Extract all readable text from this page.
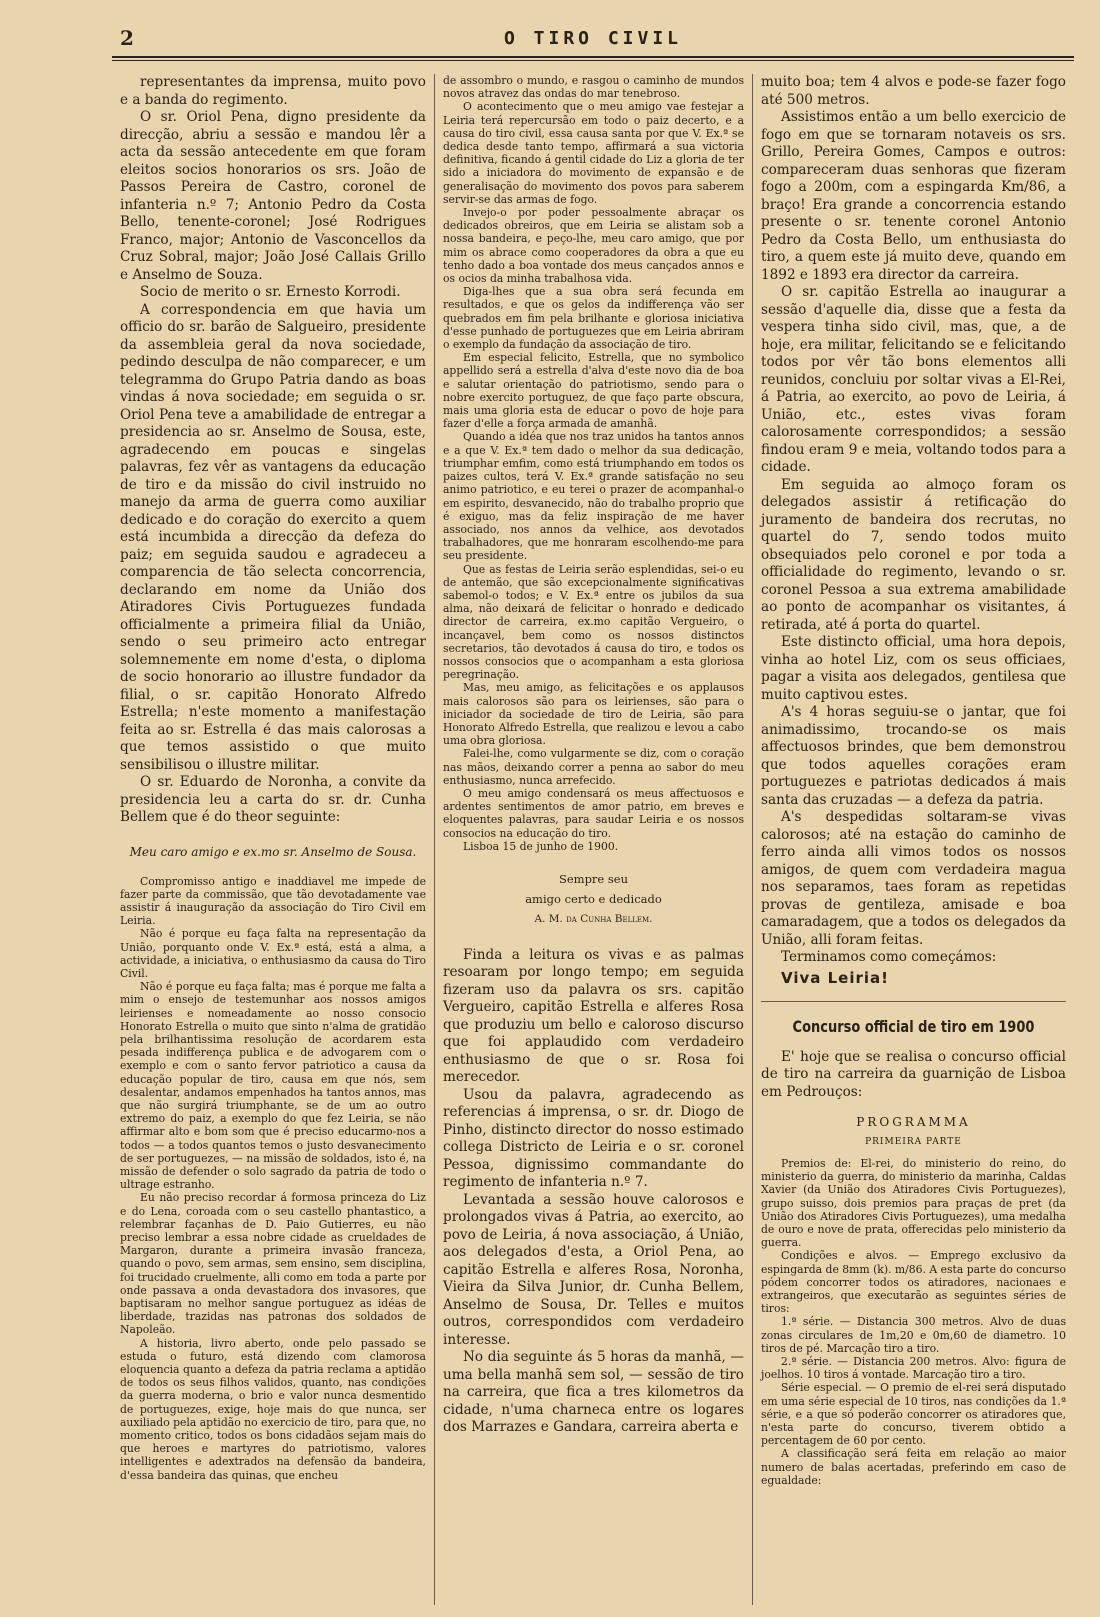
2	O TIRO CIVIL

representantes da imprensa, muito povo e a banda do regimento.

O sr. Oriol Pena, digno presidente da direcção, abriu a sessão e mandou lêr a acta da sessão antecedente em que foram eleitos socios honorarios os srs. João de Passos Pereira de Castro, coronel de infanteria n.º 7; Antonio Pedro da Costa Bello, tenente-coronel; José Rodrigues Franco, major; Antonio de Vasconcellos da Cruz Sobral, major; João José Callais Grillo e Anselmo de Souza.

Socio de merito o sr. Ernesto Korrodi.

A correspondencia em que havia um officio do sr. barão de Salgueiro, presidente da assembleia geral da nova sociedade, pedindo desculpa de não comparecer, e um telegramma do Grupo Patria dando as boas vindas á nova sociedade; em seguida o sr. Oriol Pena teve a amabilidade de entregar a presidencia ao sr. Anselmo de Sousa, este, agradecendo em poucas e singelas palavras, fez vêr as vantagens da educação de tiro e da missão do civil instruido no manejo da arma de guerra como auxiliar dedicado e do coração do exercito a quem está incumbida a direcção da defeza do paiz; em seguida saudou e agradeceu a comparencia de tão selecta concorrencia, declarando em nome da União dos Atiradores Civis Portuguezes fundada officialmente a primeira filial da União, sendo o seu primeiro acto entregar solemnemente em nome d'esta, o diploma de socio honorario ao illustre fundador da filial, o sr. capitão Honorato Alfredo Estrella; n'este momento a manifestação feita ao sr. Estrella é das mais calorosas a que temos assistido o que muito sensibilisou o illustre militar.

O sr. Eduardo de Noronha, a convite da presidencia leu a carta do sr. dr. Cunha Bellem que é do theor seguinte:

Meu caro amigo e ex.mo sr. Anselmo de Sousa.

Compromisso antigo e inaddiavel me impede de fazer parte da commissão, que tão devotadamente vae assistir á inauguração da associação do Tiro Civil em Leiria.

Não é porque eu faça falta na representação da União, porquanto onde V. Ex.ª está, está a alma, a actividade, a iniciativa, o enthusiasmo da causa do Tiro Civil.

Não é porque eu faça falta; mas é porque me falta a mim o ensejo de testemunhar aos nossos amigos leirienses e nomeadamente ao nosso consocio Honorato Estrella o muito que sinto n'alma de gratidão pela brilhantissima resolução de acordarem esta pesada indifferença publica e de advogarem com o exemplo e com o santo fervor patriotico a causa da educação popular de tiro, causa em que nós, sem desalentar, andamos empenhados ha tantos annos, mas que não surgirá triumphante, se de um ao outro extremo do paiz, a exemplo do que fez Leiria, se não affirmar alto e bom som que é preciso educarmo-nos a todos — a todos quantos temos o justo desvanecimento de ser portuguezes, — na missão de soldados, isto é, na missão de defender o solo sagrado da patria de todo o ultrage estranho.

Eu não preciso recordar á formosa princeza do Liz e do Lena, coroada com o seu castello phantastico, a relembrar façanhas de D. Paio Gutierres, eu não preciso lembrar a essa nobre cidade as crueldades de Margaron, durante a primeira invasão franceza, quando o povo, sem armas, sem ensino, sem disciplina, foi trucidado cruelmente, alli como em toda a parte por onde passava a onda devastadora dos invasores, que baptisaram no melhor sangue portuguez as idéas de liberdade, trazidas nas patronas dos soldados de Napoleão.

A historia, livro aberto, onde pelo passado se estuda o futuro, está dizendo com clamorosa eloquencia quanto a defeza da patria reclama a aptidão de todos os seus filhos validos, quanto, nas condições da guerra moderna, o brio e valor nunca desmentido de portuguezes, exige, hoje mais do que nunca, ser auxiliado pela aptidão no exercicio de tiro, para que, no momento critico, todos os bons cidadãos sejam mais do que heroes e martyres do patriotismo, valores intelligentes e adextrados na defensão da bandeira, d'essa bandeira das quinas, que encheu

de assombro o mundo, e rasgou o caminho de mundos novos atravez das ondas do mar tenebroso.

O acontecimento que o meu amigo vae festejar a Leiria terá repercursão em todo o paiz decerto, e a causa do tiro civil, essa causa santa por que V. Ex.ª se dedica desde tanto tempo, affirmará a sua victoria definitiva, ficando á gentil cidade do Liz a gloria de ter sido a iniciadora do movimento de expansão e de generalisação do movimento dos povos para saberem servir-se das armas de fogo.

Invejo-o por poder pessoalmente abraçar os dedicados obreiros, que em Leiria se alistam sob a nossa bandeira, e peço-lhe, meu caro amigo, que por mim os abrace como cooperadores da obra a que eu tenho dado a boa vontade dos meus cançados annos e os ocios da minha trabalhosa vida.

Diga-lhes que a sua obra será fecunda em resultados, e que os gelos da indifferença vão ser quebrados em fim pela brilhante e gloriosa iniciativa d'esse punhado de portuguezes que em Leiria abriram o exemplo da fundação da associação de tiro.

Em especial felicito, Estrella, que no symbolico appellido será a estrella d'alva d'este novo dia de boa e salutar orientação do patriotismo, sendo para o nobre exercito portuguez, de que faço parte obscura, mais uma gloria esta de educar o povo de hoje para fazer d'elle a força armada de amanhã.

Quando a idéa que nos traz unidos ha tantos annos e a que V. Ex.ª tem dado o melhor da sua dedicação, triumphar emfim, como está triumphando em todos os paizes cultos, terá V. Ex.ª grande satisfação no seu animo patriotico, e eu terei o prazer de acompanhal-o em espirito, desvanecido, não do trabalho proprio que é exiguo, mas da feliz inspiração de me haver associado, nos annos da velhice, aos devotados trabalhadores, que me honraram escolhendo-me para seu presidente.

Que as festas de Leiria serão esplendidas, sei-o eu de antemão, que são excepcionalmente significativas sabemol-o todos; e V. Ex.ª entre os jubilos da sua alma, não deixará de felicitar o honrado e dedicado director de carreira, ex.mo capitão Vergueiro, o incançavel, bem como os nossos distinctos secretarios, tão devotados á causa do tiro, e todos os nossos consocios que o acompanham a esta gloriosa peregrinação.

Mas, meu amigo, as felicitações e os applausos mais calorosos são para os leirienses, são para o iniciador da sociedade de tiro de Leiria, são para Honorato Alfredo Estrella, que realizou e levou a cabo uma obra gloriosa.

Falei-lhe, como vulgarmente se diz, com o coração nas mãos, deixando correr a penna ao sabor do meu enthusiasmo, nunca arrefecido.

O meu amigo condensará os meus affectuosos e ardentes sentimentos de amor patrio, em breves e eloquentes palavras, para saudar Leiria e os nossos consocios na educação do tiro.

Lisboa 15 de junho de 1900.

Sempre seu
amigo certo e dedicado
A. M. da Cunha Bellem.

Finda a leitura os vivas e as palmas resoaram por longo tempo; em seguida fizeram uso da palavra os srs. capitão Vergueiro, capitão Estrella e alferes Rosa que produziu um bello e caloroso discurso que foi applaudido com verdadeiro enthusiasmo de que o sr. Rosa foi merecedor.

Usou da palavra, agradecendo as referencias á imprensa, o sr. dr. Diogo de Pinho, distincto director do nosso estimado collega Districto de Leiria e o sr. coronel Pessoa, dignissimo commandante do regimento de infanteria n.º 7.

Levantada a sessão houve calorosos e prolongados vivas á Patria, ao exercito, ao povo de Leiria, á nova associação, á União, aos delegados d'esta, a Oriol Pena, ao capitão Estrella e alferes Rosa, Noronha, Vieira da Silva Junior, dr. Cunha Bellem, Anselmo de Sousa, Dr. Telles e muitos outros, correspondidos com verdadeiro interesse.

No dia seguinte ás 5 horas da manhã, — uma bella manhã sem sol, — sessão de tiro na carreira, que fica a tres kilometros da cidade, n'uma charneca entre os logares dos Marrazes e Gandara, carreira aberta e

muito boa; tem 4 alvos e pode-se fazer fogo até 500 metros.

Assistimos então a um bello exercicio de fogo em que se tornaram notaveis os srs. Grillo, Pereira Gomes, Campos e outros: compareceram duas senhoras que fizeram fogo a 200m, com a espingarda Km/86, a braço! Era grande a concorrencia estando presente o sr. tenente coronel Antonio Pedro da Costa Bello, um enthusiasta do tiro, a quem este já muito deve, quando em 1892 e 1893 era director da carreira.

O sr. capitão Estrella ao inaugurar a sessão d'aquelle dia, disse que a festa da vespera tinha sido civil, mas, que, a de hoje, era militar, felicitando se e felicitando todos por vêr tão bons elementos alli reunidos, concluiu por soltar vivas a El-Rei, á Patria, ao exercito, ao povo de Leiria, á União, etc., estes vivas foram calorosamente correspondidos; a sessão findou eram 9 e meia, voltando todos para a cidade.

Em seguida ao almoço foram os delegados assistir á retificação do juramento de bandeira dos recrutas, no quartel do 7, sendo todos muito obsequiados pelo coronel e por toda a officialidade do regimento, levando o sr. coronel Pessoa a sua extrema amabilidade ao ponto de acompanhar os visitantes, á retirada, até á porta do quartel.

Este distincto official, uma hora depois, vinha ao hotel Liz, com os seus officiaes, pagar a visita aos delegados, gentilesa que muito captivou estes.

A's 4 horas seguiu-se o jantar, que foi animadissimo, trocando-se os mais affectuosos brindes, que bem demonstrou que todos aquelles corações eram portuguezes e patriotas dedicados á mais santa das cruzadas — a defeza da patria.

A's despedidas soltaram-se vivas calorosos; até na estação do caminho de ferro ainda alli vimos todos os nossos amigos, de quem com verdadeira magua nos separamos, taes foram as repetidas provas de gentileza, amisade e boa camaradagem, que a todos os delegados da União, alli foram feitas.

Terminamos como começámos:

Viva Leiria!
Concurso official de tiro em 1900

E' hoje que se realisa o concurso official de tiro na carreira da guarnição de Lisboa em Pedrouços:

PROGRAMMA
PRIMEIRA PARTE

Premios de: El-rei, do ministerio do reino, do ministerio da guerra, do ministerio da marinha, Caldas Xavier (da União dos Atiradores Civis Portuguezes), grupo suisso, dois premios para praças de pret (da União dos Atiradores Civis Portuguezes), uma medalha de ouro e nove de prata, offerecidas pelo ministerio da guerra.

Condições e alvos. — Emprego exclusivo da espingarda de 8mm (k). m/86. A esta parte do concurso pódem concorrer todos os atiradores, nacionaes e extrangeiros, que executarão as seguintes séries de tiros:

1.ª série. — Distancia 300 metros. Alvo de duas zonas circulares de 1m,20 e 0m,60 de diametro. 10 tiros de pé. Marcação tiro a tiro.

2.ª série. — Distancia 200 metros. Alvo: figura de joelhos. 10 tiros á vontade. Marcação tiro a tiro.

Série especial. — O premio de el-rei será disputado em uma série especial de 10 tiros, nas condições da 1.ª série, e a que só poderão concorrer os atiradores que, n'esta parte do concurso, tiverem obtido a percentagem de 60 por cento.

A classificação será feita em relação ao maior numero de balas acertadas, preferindo em caso de egualdade:
